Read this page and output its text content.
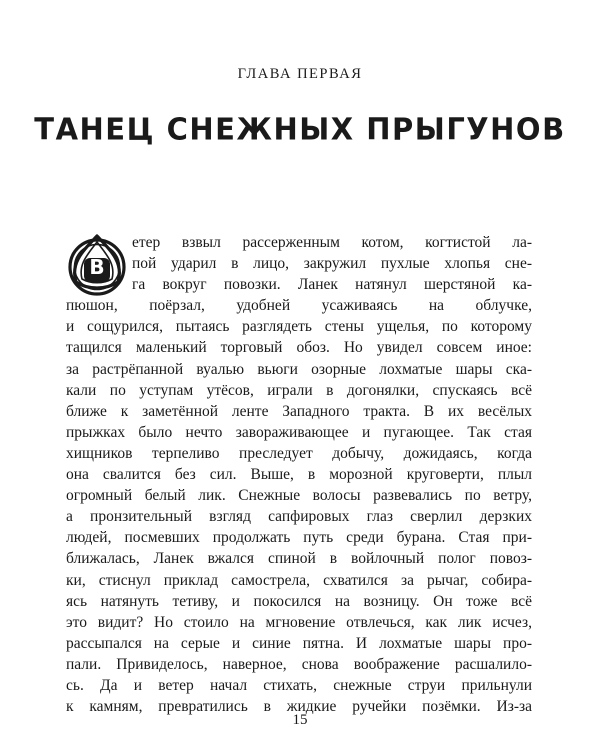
ГЛАВА ПЕРВАЯ
ТАНЕЦ СНЕЖНЫХ ПРЫГУНОВ
В
етер взвыл рассерженным котом, когтистой ла-
пой ударил в лицо, закружил пухлые хлопья сне-
га вокруг повозки. Ланек натянул шерстяной ка-
пюшон, поёрзал, удобней усаживаясь на облучке,
и сощурился, пытаясь разглядеть стены ущелья, по которому
тащился маленький торговый обоз. Но увидел совсем иное:
за растрёпанной вуалью вьюги озорные лохматые шары ска-
кали по уступам утёсов, играли в догонялки, спускаясь всё
ближе к заметённой ленте Западного тракта. В их весёлых
прыжках было нечто завораживающее и пугающее. Так стая
хищников терпеливо преследует добычу, дожидаясь, когда
она свалится без сил. Выше, в морозной круговерти, плыл
огромный белый лик. Снежные волосы развевались по ветру,
а пронзительный взгляд сапфировых глаз сверлил дерзких
людей, посмевших продолжать путь среди бурана. Стая при-
ближалась, Ланек вжался спиной в войлочный полог повоз-
ки, стиснул приклад самострела, схватился за рычаг, собира-
ясь натянуть тетиву, и покосился на возницу. Он тоже всё
это видит? Но стоило на мгновение отвлечься, как лик исчез,
рассыпался на серые и синие пятна. И лохматые шары про-
пали. Привиделось, наверное, снова воображение расшалило-
сь. Да и ветер начал стихать, снежные струи прильнули
к камням, превратились в жидкие ручейки позёмки. Из-за
15
